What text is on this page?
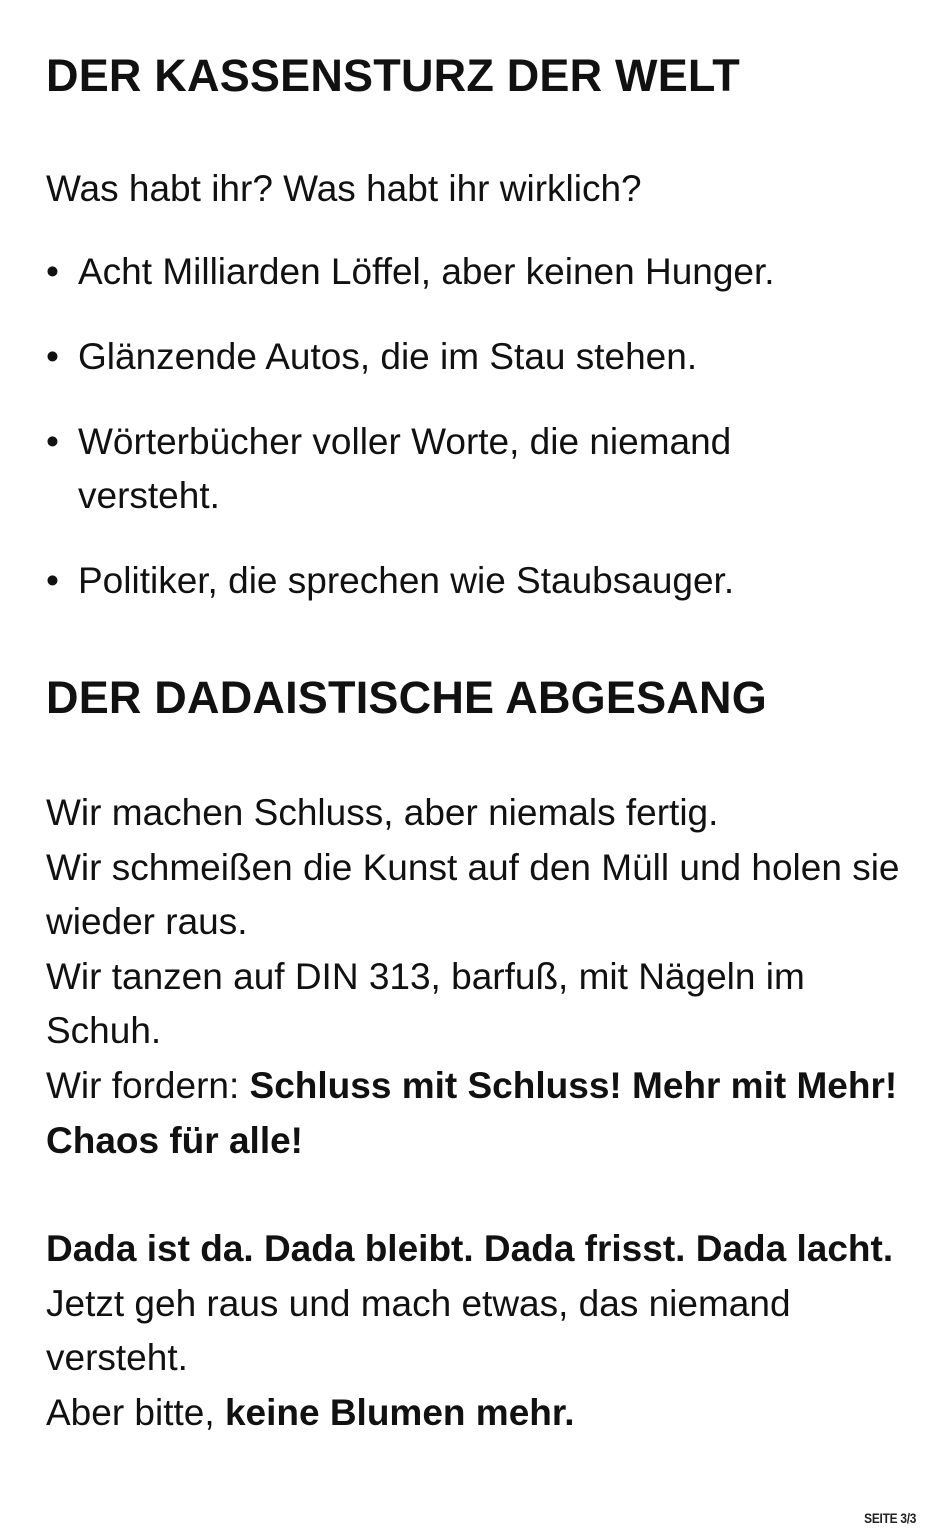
DER KASSENSTURZ DER WELT

Was habt ihr? Was habt ihr wirklich?

• Acht Milliarden Löffel, aber keinen Hunger.
• Glänzende Autos, die im Stau stehen.
• Wörterbücher voller Worte, die niemand versteht.
• Politiker, die sprechen wie Staubsauger.
DER DADAISTISCHE ABGESANG

Wir machen Schluss, aber niemals fertig.

Wir schmeißen die Kunst auf den Müll und holen sie wieder raus.

Wir tanzen auf DIN 313, barfuß, mit Nägeln im Schuh.

Wir fordern: Schluss mit Schluss! Mehr mit Mehr! Chaos für alle!

Dada ist da. Dada bleibt. Dada frisst. Dada lacht.

Jetzt geh raus und mach etwas, das niemand versteht.

Aber bitte, keine Blumen mehr.

SEITE 3/3
